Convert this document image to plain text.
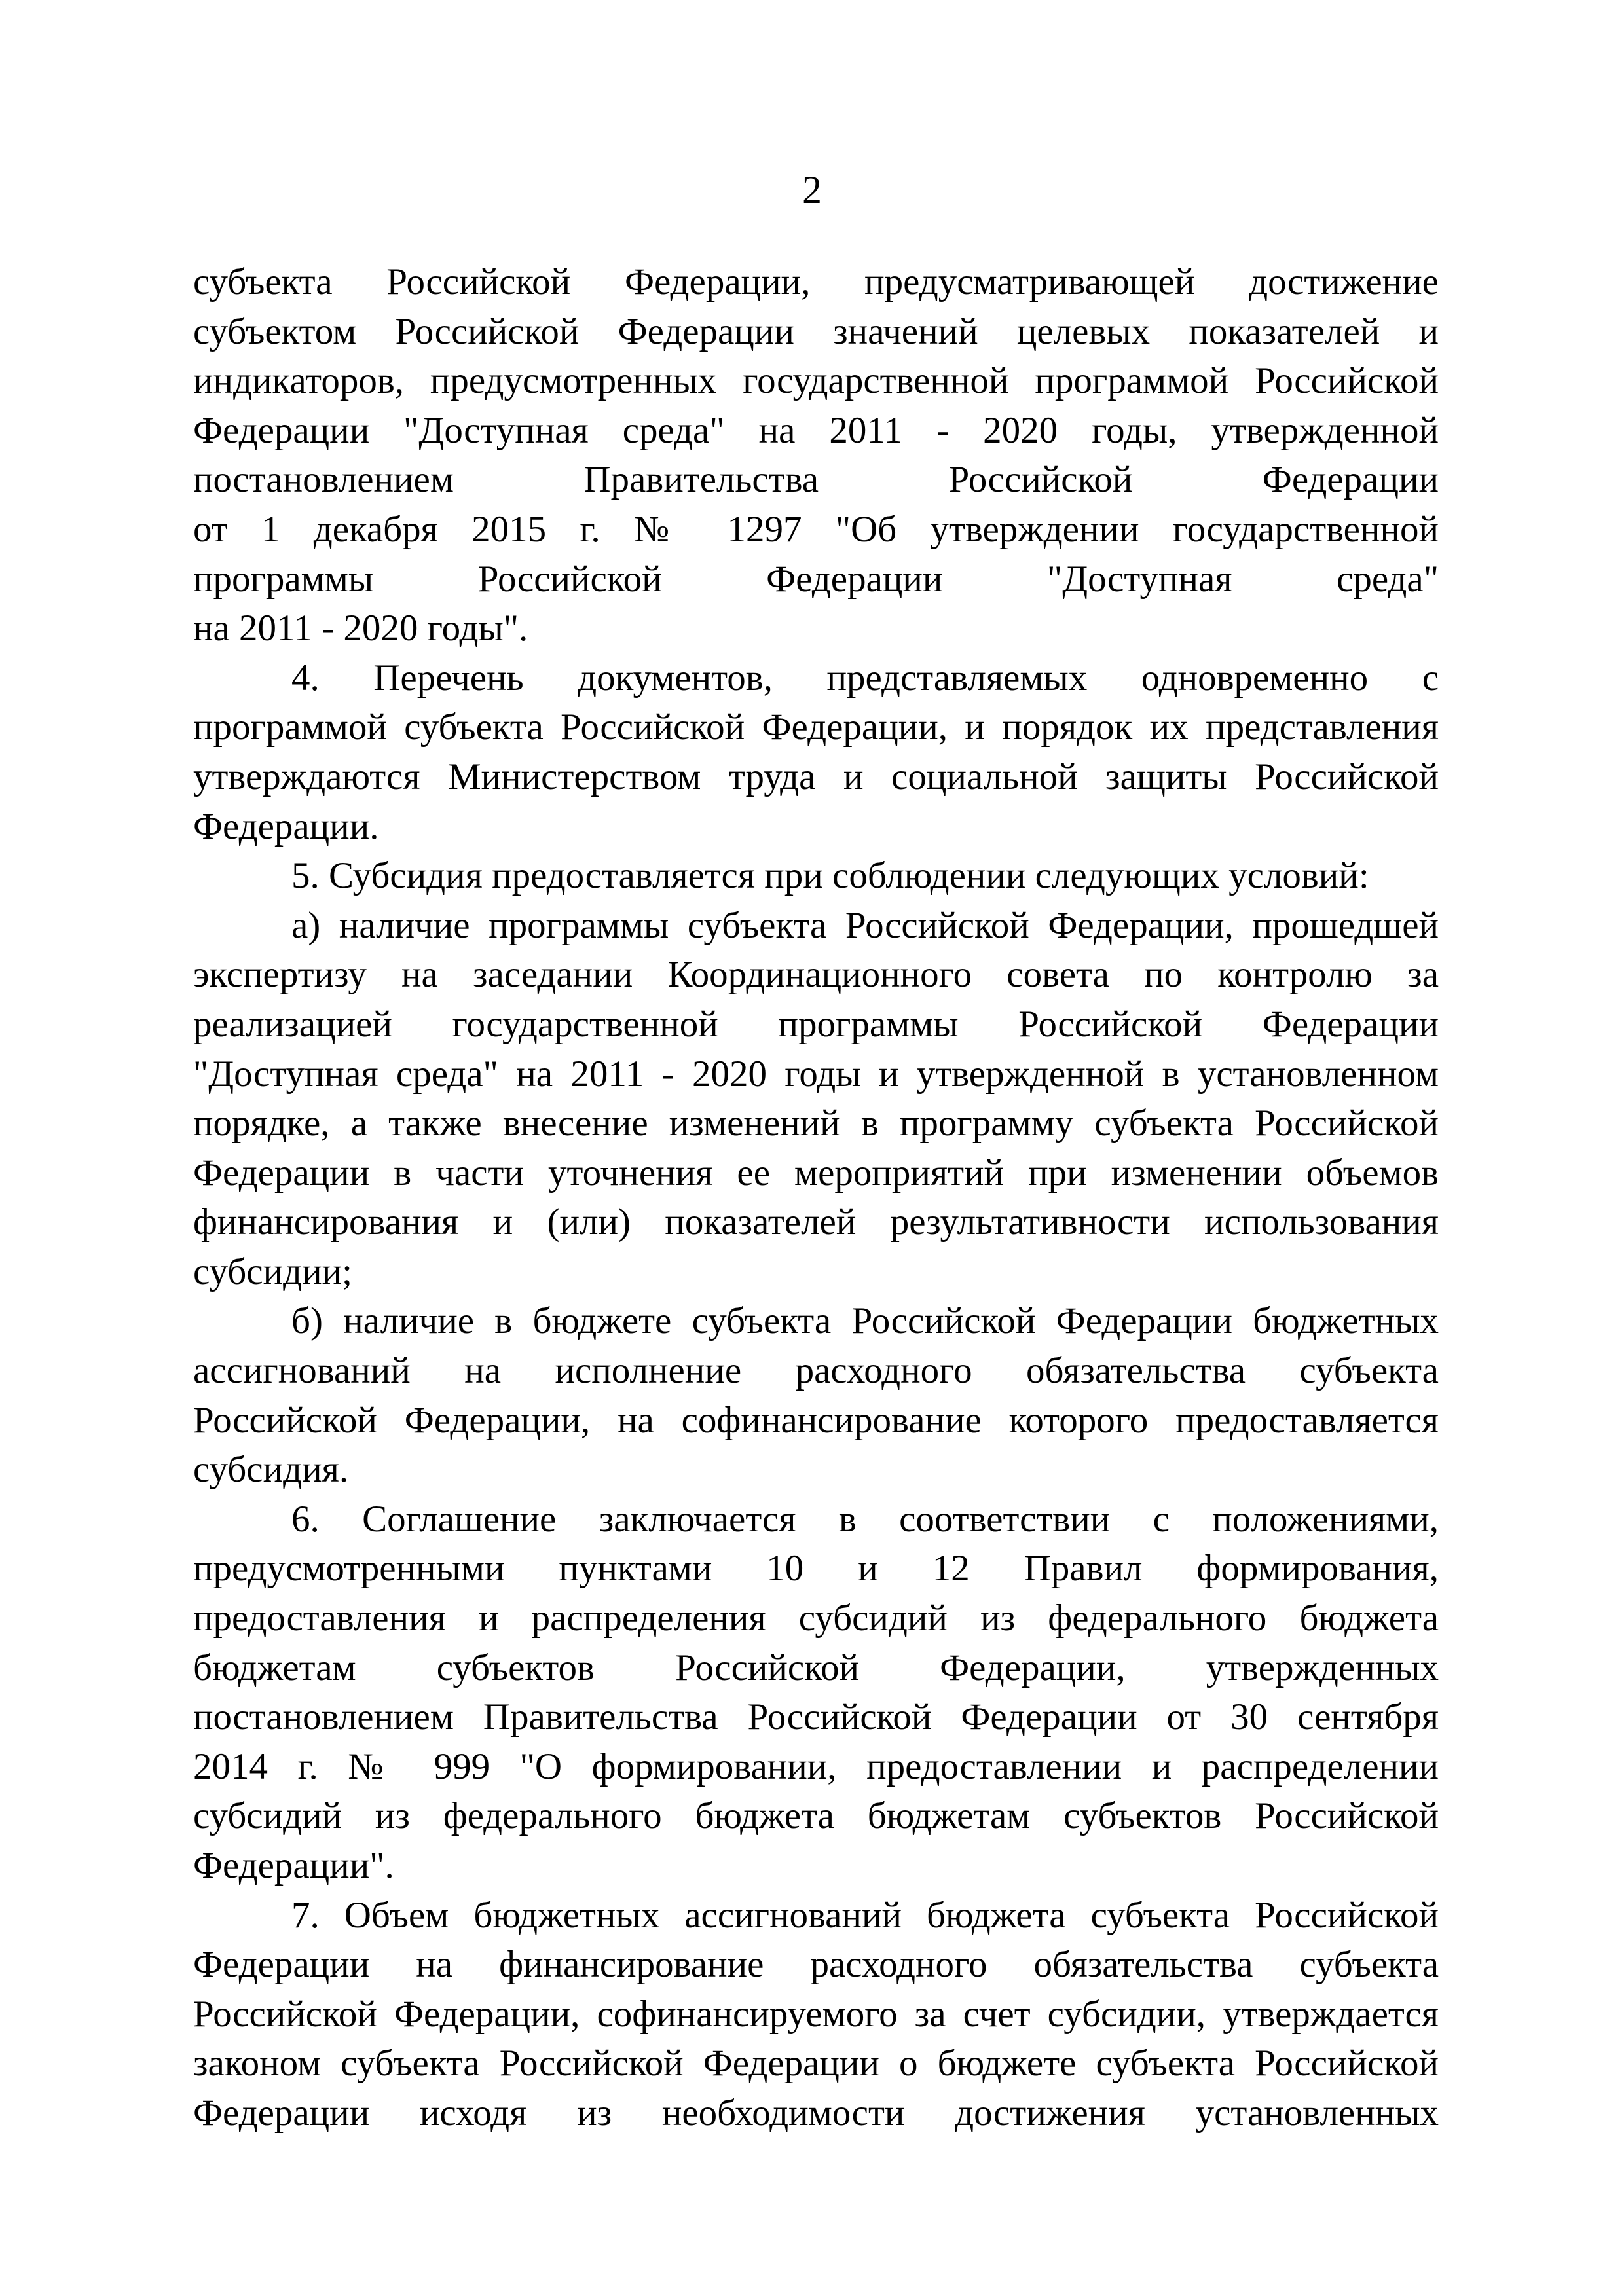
2
субъекта Российской Федерации, предусматривающей достижение
субъектом Российской Федерации значений целевых показателей и
индикаторов, предусмотренных государственной программой Российской
Федерации "Доступная среда" на 2011 - 2020 годы, утвержденной
постановлением Правительства Российской Федерации
от 1 декабря 2015 г. № 1297 "Об утверждении государственной
программы Российской Федерации "Доступная среда"
на 2011 - 2020 годы".
4. Перечень документов, представляемых одновременно с
программой субъекта Российской Федерации, и порядок их представления
утверждаются Министерством труда и социальной защиты Российской
Федерации.
5. Субсидия предоставляется при соблюдении следующих условий:
а) наличие программы субъекта Российской Федерации, прошедшей
экспертизу на заседании Координационного совета по контролю за
реализацией государственной программы Российской Федерации
"Доступная среда" на 2011 - 2020 годы и утвержденной в установленном
порядке, а также внесение изменений в программу субъекта Российской
Федерации в части уточнения ее мероприятий при изменении объемов
финансирования и (или) показателей результативности использования
субсидии;
б) наличие в бюджете субъекта Российской Федерации бюджетных
ассигнований на исполнение расходного обязательства субъекта
Российской Федерации, на софинансирование которого предоставляется
субсидия.
6. Соглашение заключается в соответствии с положениями,
предусмотренными пунктами 10 и 12 Правил формирования,
предоставления и распределения субсидий из федерального бюджета
бюджетам субъектов Российской Федерации, утвержденных
постановлением Правительства Российской Федерации от 30 сентября
2014 г. № 999 "О формировании, предоставлении и распределении
субсидий из федерального бюджета бюджетам субъектов Российской
Федерации".
7. Объем бюджетных ассигнований бюджета субъекта Российской
Федерации на финансирование расходного обязательства субъекта
Российской Федерации, софинансируемого за счет субсидии, утверждается
законом субъекта Российской Федерации о бюджете субъекта Российской
Федерации исходя из необходимости достижения установленных
